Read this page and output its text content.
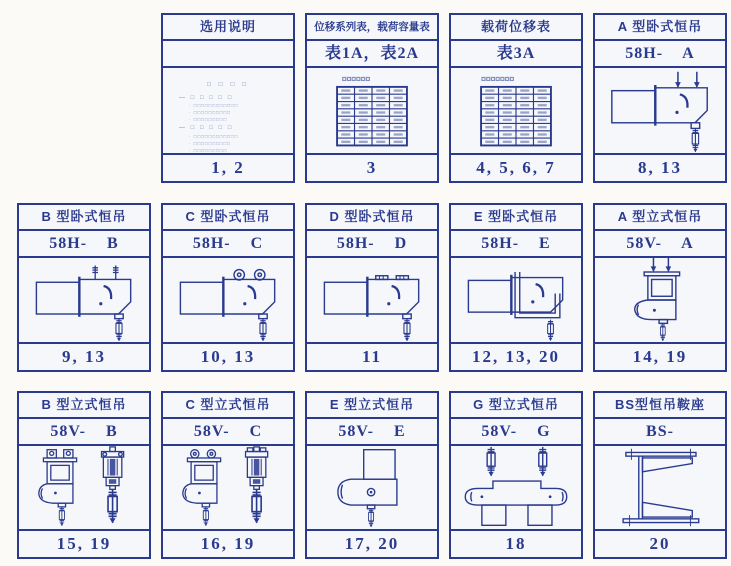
选用说明
□ □ □ □
— □ □ □ □ □
· □□□□□□□□□□□□
· □□□□□□□□□□
· □□□□□□□□□
— □ □ □ □ □
· □□□□□□□□□□□□
· □□□□□□□□□□
· □□□□□□□□□
1, 2
位移系列表，载荷容量表
表1A，表2A
3
载荷位移表
表3A
4, 5, 6, 7
A 型卧式恒吊
58H-    A
8, 13
B 型卧式恒吊
58H-    B
9, 13
C 型卧式恒吊
58H-    C
10, 13
D 型卧式恒吊
58H-    D
11
E 型卧式恒吊
58H-    E
12, 13, 20
A 型立式恒吊
58V-    A
14, 19
B 型立式恒吊
58V-    B
15, 19
C 型立式恒吊
58V-    C
16, 19
E 型立式恒吊
58V-    E
17, 20
G 型立式恒吊
58V-    G
18
BS型恒吊鞍座
BS-
20
